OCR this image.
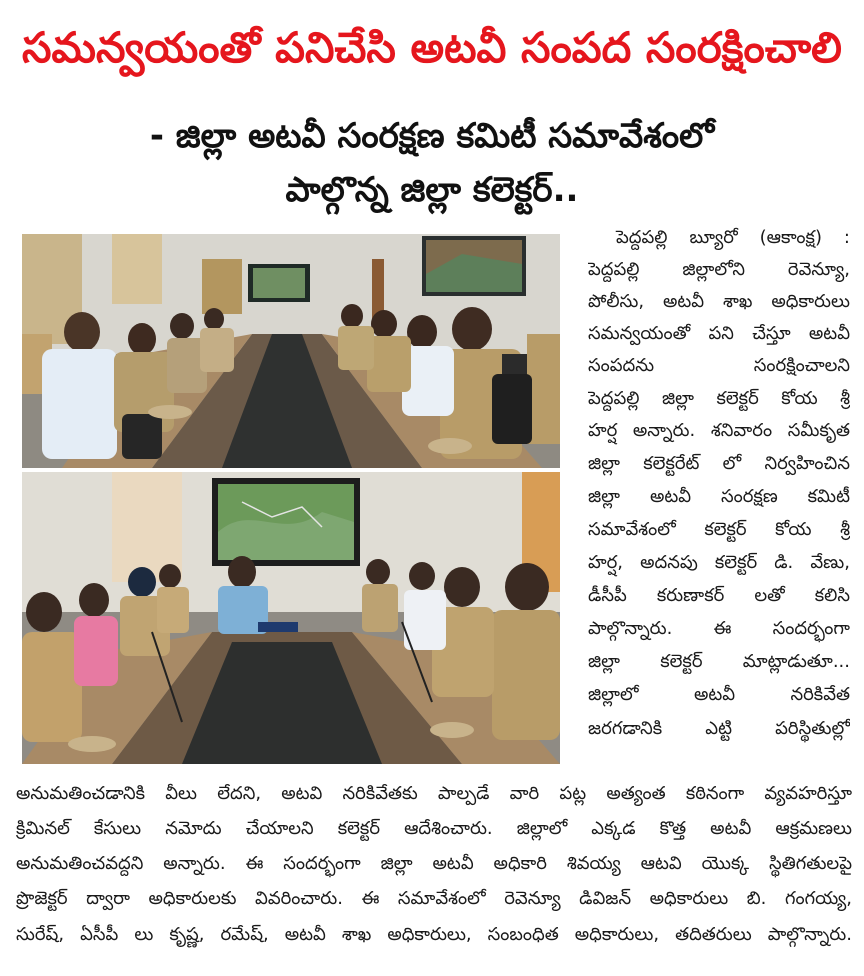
సమన్వయంతో పనిచేసి అటవీ సంపద సంరక్షించాలి
- జిల్లా అటవీ సంరక్షణ కమిటీ సమావేశంలో
పాల్గొన్న జిల్లా కలెక్టర్..
పెద్దపల్లి బ్యూరో (ఆకాంక్ష) :
పెద్దపల్లి జిల్లాలోని రెవెన్యూ,
పోలీసు, అటవీ శాఖ అధికారులు
సమన్వయంతో పని చేస్తూ అటవీ
సంపదను సంరక్షించాలని
పెద్దపల్లి జిల్లా కలెక్టర్ కోయ శ్రీ
హర్ష అన్నారు. శనివారం సమీకృత
జిల్లా కలెక్టరేట్ లో నిర్వహించిన
జిల్లా అటవీ సంరక్షణ కమిటీ
సమావేశంలో కలెక్టర్ కోయ శ్రీ
హర్ష, అదనపు కలెక్టర్ డి. వేణు,
డీసీపీ కరుణాకర్ లతో కలిసి
పాల్గొన్నారు. ఈ సందర్భంగా
జిల్లా కలెక్టర్ మాట్లాడుతూ...
జిల్లాలో అటవీ నరికివేత
జరగడానికి ఎట్టి పరిస్థితుల్లో
అనుమతించడానికి వీలు లేదని, అటవి నరికివేతకు పాల్పడే వారి పట్ల అత్యంత కఠినంగా వ్యవహరిస్తూ
క్రిమినల్ కేసులు నమోదు చేయాలని కలెక్టర్ ఆదేశించారు. జిల్లాలో ఎక్కడ కొత్త అటవీ ఆక్రమణలు
అనుమతించవద్దని అన్నారు. ఈ సందర్భంగా జిల్లా అటవీ అధికారి శివయ్య ఆటవి యొక్క స్థితిగతులపై
ప్రొజెక్టర్ ద్వారా అధికారులకు వివరించారు. ఈ సమావేశంలో రెవెన్యూ డివిజన్ అధికారులు బి. గంగయ్య,
సురేష్, ఏసీపీ లు కృష్ణ, రమేష్, అటవీ శాఖ అధికారులు, సంబంధిత అధికారులు, తదితరులు పాల్గొన్నారు.
